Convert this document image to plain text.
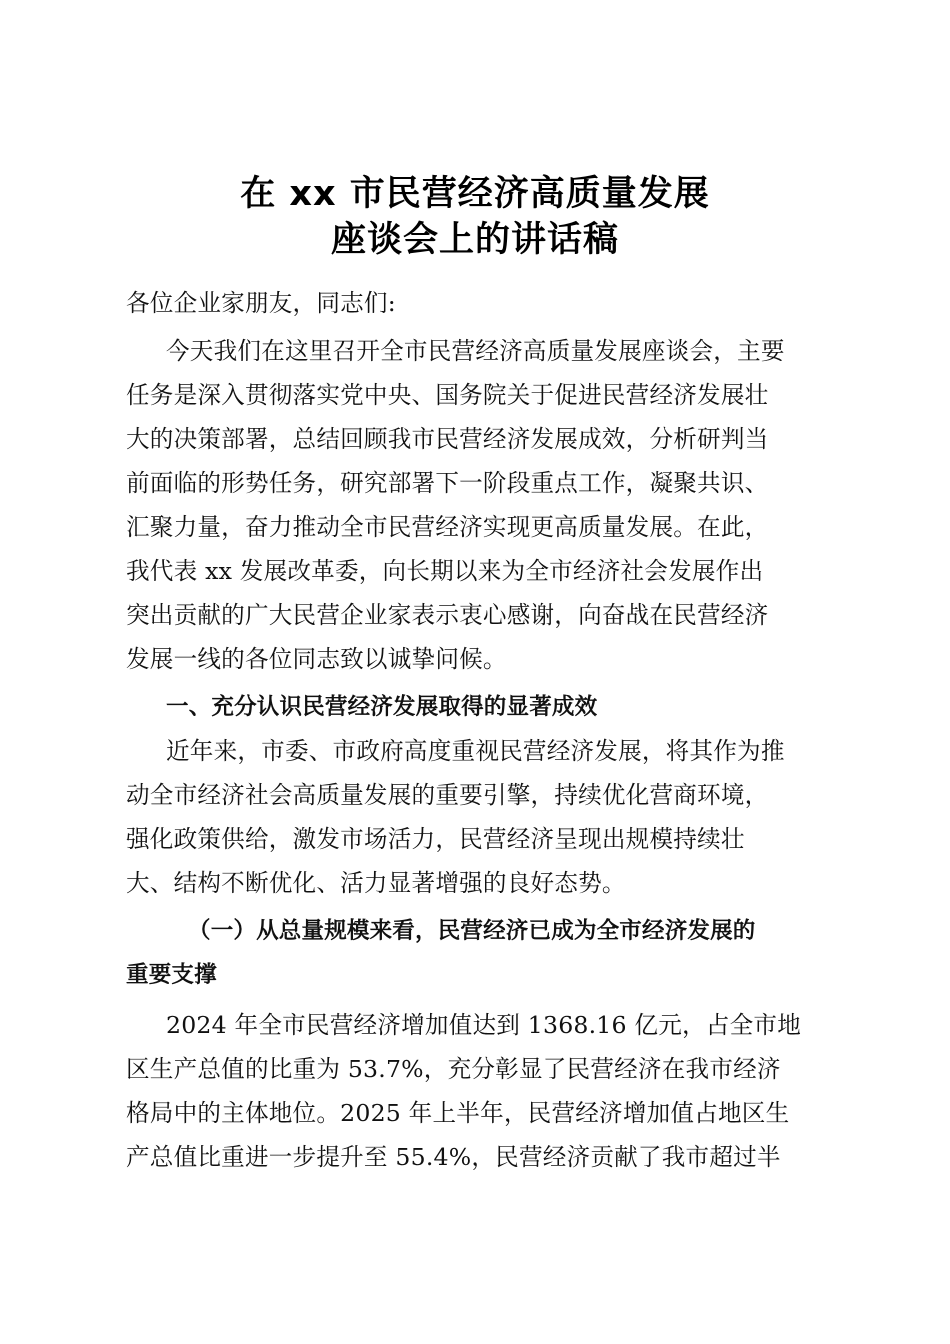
在 xx 市民营经济高质量发展
座谈会上的讲话稿
各位企业家朋友，同志们:
今天我们在这里召开全市民营经济高质量发展座谈会，主要
任务是深入贯彻落实党中央、国务院关于促进民营经济发展壮
大的决策部署，总结回顾我市民营经济发展成效，分析研判当
前面临的形势任务，研究部署下一阶段重点工作，凝聚共识、
汇聚力量，奋力推动全市民营经济实现更高质量发展。在此，
我代表 xx 发展改革委，向长期以来为全市经济社会发展作出
突出贡献的广大民营企业家表示衷心感谢，向奋战在民营经济
发展一线的各位同志致以诚挚问候。
一、充分认识民营经济发展取得的显著成效
近年来，市委、市政府高度重视民营经济发展，将其作为推
动全市经济社会高质量发展的重要引擎，持续优化营商环境，
强化政策供给，激发市场活力，民营经济呈现出规模持续壮
大、结构不断优化、活力显著增强的良好态势。
（一）从总量规模来看，民营经济已成为全市经济发展的
重要支撑
2024 年全市民营经济增加值达到 1368.16 亿元，占全市地
区生产总值的比重为 53.7%，充分彰显了民营经济在我市经济
格局中的主体地位。2025 年上半年，民营经济增加值占地区生
产总值比重进一步提升至 55.4%，民营经济贡献了我市超过半
